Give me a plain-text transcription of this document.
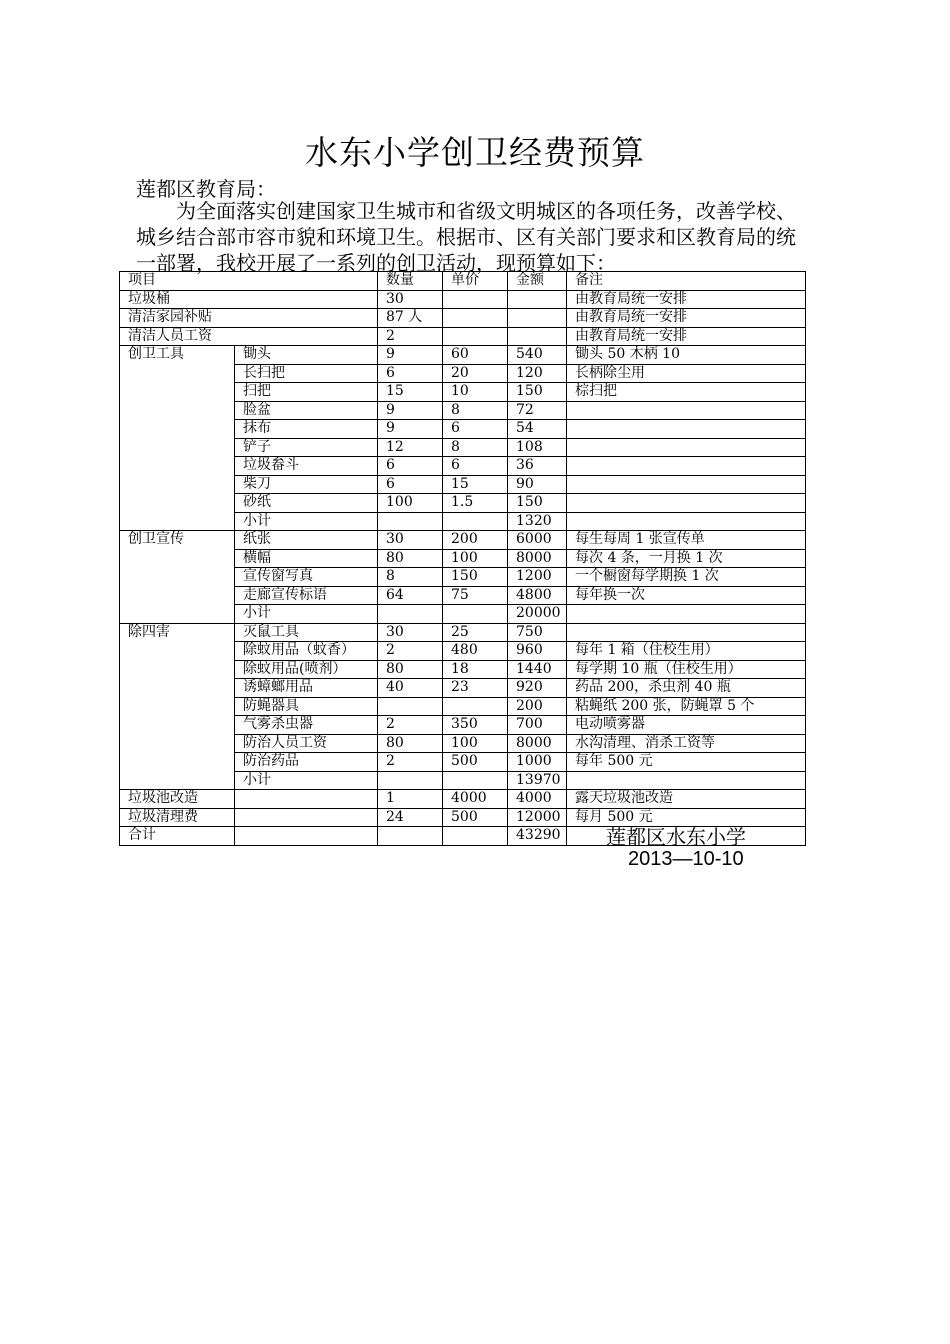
水东小学创卫经费预算
莲都区教育局：

为全面落实创建国家卫生城市和省级文明城区的各项任务，改善学校、城乡结合部市容市貌和环境卫生。根据市、区有关部门要求和区教育局的统一部署，我校开展了一系列的创卫活动，现预算如下：

项目		数量	单价	金额	备注
垃圾桶		30			由教育局统一安排
清洁家园补贴		87 人			由教育局统一安排
清洁人员工资		2			由教育局统一安排
创卫工具	锄头	9	60	540	锄头 50 木柄 10
	长扫把	6	20	120	长柄除尘用
	扫把	15	10	150	棕扫把
	脸盆	9	8	72	
	抹布	9	6	54	
	铲子	12	8	108	
	垃圾畚斗	6	6	36	
	柴刀	6	15	90	
	砂纸	100	1.5	150	
	小计			1320	
创卫宣传	纸张	30	200	6000	每生每周 1 张宣传单
	横幅	80	100	8000	每次 4 条，一月换 1 次
	宣传窗写真	8	150	1200	一个橱窗每学期换 1 次
	走廊宣传标语	64	75	4800	每年换一次
	小计			20000	
除四害	灭鼠工具	30	25	750	
	除蚊用品（蚊香）	2	480	960	每年 1 箱（住校生用）
	除蚊用品(喷剂）	80	18	1440	每学期 10 瓶（住校生用）
	诱蟑螂用品	40	23	920	药品 200，杀虫剂 40 瓶
	防蝇器具			200	粘蝇纸 200 张，防蝇罩 5 个
	气雾杀虫器	2	350	700	电动喷雾器
	防治人员工资	80	100	8000	水沟清理、消杀工资等
	防治药品	2	500	1000	每年 500 元
	小计			13970	
垃圾池改造		1	4000	4000	露天垃圾池改造
垃圾清理费		24	500	12000	每月 500 元
合计				43290	莲都区水东小学
2013—10-10
